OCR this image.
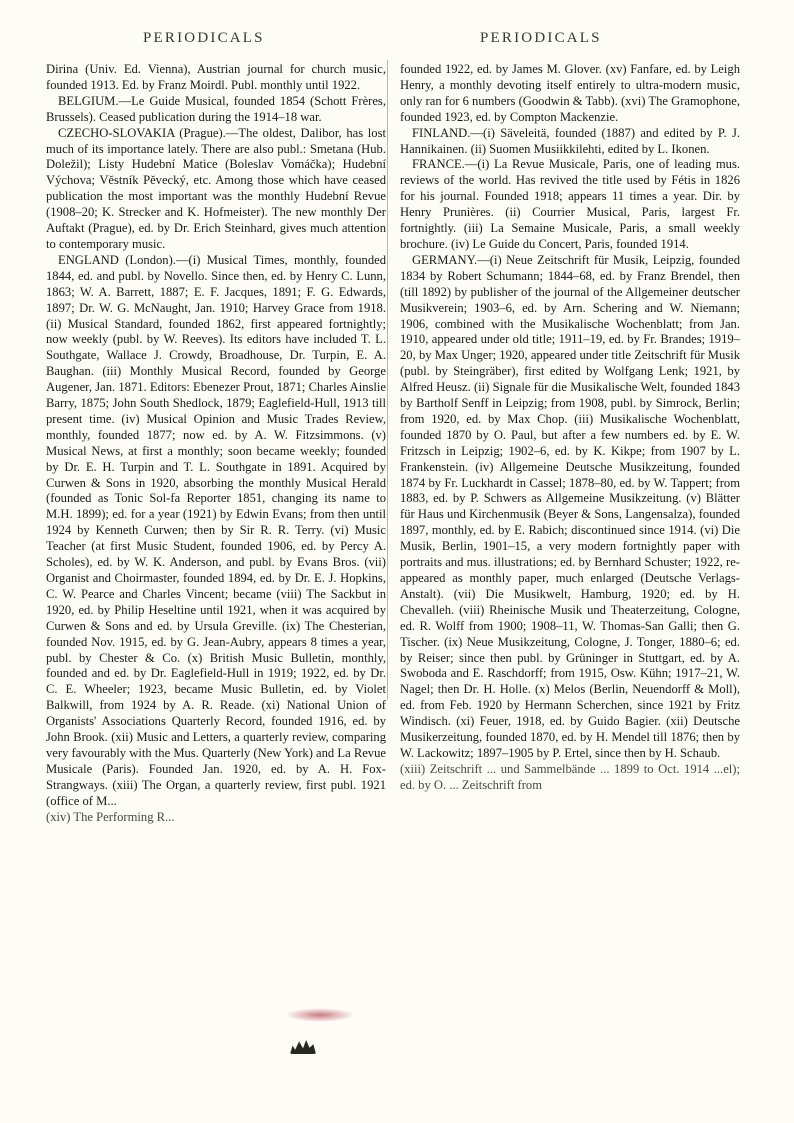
PERIODICALS	PERIODICALS

Dirina (Univ. Ed. Vienna), Austrian journal for church music, founded 1913. Ed. by Franz Moirdl. Publ. monthly until 1922.

BELGIUM.—Le Guide Musical, founded 1854 (Schott Frères, Brussels). Ceased publication during the 1914–18 war.

CZECHO-SLOVAKIA (Prague).—The oldest, Dalibor, has lost much of its importance lately. There are also publ.: Smetana (Hub. Doležil); Listy Hudební Matice (Boleslav Vomáčka); Hudební Výchova; Věstník Pěvecký, etc. Among those which have ceased publication the most important was the monthly Hudební Revue (1908–20; K. Strecker and K. Hofmeister). The new monthly Der Auftakt (Prague), ed. by Dr. Erich Steinhard, gives much attention to contemporary music.

ENGLAND (London).—(i) Musical Times, monthly, founded 1844, ed. and publ. by Novello. Since then, ed. by Henry C. Lunn, 1863; W. A. Barrett, 1887; E. F. Jacques, 1891; F. G. Edwards, 1897; Dr. W. G. McNaught, Jan. 1910; Harvey Grace from 1918. (ii) Musical Standard, founded 1862, first appeared fortnightly; now weekly (publ. by W. Reeves). Its editors have included T. L. Southgate, Wallace J. Crowdy, Broadhouse, Dr. Turpin, E. A. Baughan. (iii) Monthly Musical Record, founded by George Augener, Jan. 1871. Editors: Ebenezer Prout, 1871; Charles Ainslie Barry, 1875; John South Shedlock, 1879; Eaglefield-Hull, 1913 till present time. (iv) Musical Opinion and Music Trades Review, monthly, founded 1877; now ed. by A. W. Fitzsimmons. (v) Musical News, at first a monthly; soon became weekly; founded by Dr. E. H. Turpin and T. L. Southgate in 1891. Acquired by Curwen & Sons in 1920, absorbing the monthly Musical Herald (founded as Tonic Sol-fa Reporter 1851, changing its name to M.H. 1899); ed. for a year (1921) by Edwin Evans; from then until 1924 by Kenneth Curwen; then by Sir R. R. Terry. (vi) Music Teacher (at first Music Student, founded 1906, ed. by Percy A. Scholes), ed. by W. K. Anderson, and publ. by Evans Bros. (vii) Organist and Choirmaster, founded 1894, ed. by Dr. E. J. Hopkins, C. W. Pearce and Charles Vincent; became (viii) The Sackbut in 1920, ed. by Philip Heseltine until 1921, when it was acquired by Curwen & Sons and ed. by Ursula Greville. (ix) The Chesterian, founded Nov. 1915, ed. by G. Jean-Aubry, appears 8 times a year, publ. by Chester & Co. (x) British Music Bulletin, monthly, founded and ed. by Dr. Eaglefield-Hull in 1919; 1922, ed. by Dr. C. E. Wheeler; 1923, became Music Bulletin, ed. by Violet Balkwill, from 1924 by A. R. Reade. (xi) National Union of Organists' Associations Quarterly Record, founded 1916, ed. by John Brook. (xii) Music and Letters, a quarterly review, comparing very favourably with the Mus. Quarterly (New York) and La Revue Musicale (Paris). Founded Jan. 1920, ed. by A. H. Fox-Strangways. (xiii) The Organ, a quarterly review, first publ. 1921 (office of M...

(xiv) The Performing R...

founded 1922, ed. by James M. Glover. (xv) Fanfare, ed. by Leigh Henry, a monthly devoting itself entirely to ultra-modern music, only ran for 6 numbers (Goodwin & Tabb). (xvi) The Gramophone, founded 1923, ed. by Compton Mackenzie.

FINLAND.—(i) Säveleitä, founded (1887) and edited by P. J. Hannikainen. (ii) Suomen Musiikkilehti, edited by L. Ikonen.

FRANCE.—(i) La Revue Musicale, Paris, one of leading mus. reviews of the world. Has revived the title used by Fétis in 1826 for his journal. Founded 1918; appears 11 times a year. Dir. by Henry Prunières. (ii) Courrier Musical, Paris, largest Fr. fortnightly. (iii) La Semaine Musicale, Paris, a small weekly brochure. (iv) Le Guide du Concert, Paris, founded 1914.

GERMANY.—(i) Neue Zeitschrift für Musik, Leipzig, founded 1834 by Robert Schumann; 1844–68, ed. by Franz Brendel, then (till 1892) by publisher of the journal of the Allgemeiner deutscher Musikverein; 1903–6, ed. by Arn. Schering and W. Niemann; 1906, combined with the Musikalische Wochenblatt; from Jan. 1910, appeared under old title; 1911–19, ed. by Fr. Brandes; 1919–20, by Max Unger; 1920, appeared under title Zeitschrift für Musik (publ. by Steingräber), first edited by Wolfgang Lenk; 1921, by Alfred Heusz. (ii) Signale für die Musikalische Welt, founded 1843 by Bartholf Senff in Leipzig; from 1908, publ. by Simrock, Berlin; from 1920, ed. by Max Chop. (iii) Musikalische Wochenblatt, founded 1870 by O. Paul, but after a few numbers ed. by E. W. Fritzsch in Leipzig; 1902–6, ed. by K. Kikpe; from 1907 by L. Frankenstein. (iv) Allgemeine Deutsche Musikzeitung, founded 1874 by Fr. Luckhardt in Cassel; 1878–80, ed. by W. Tappert; from 1883, ed. by P. Schwers as Allgemeine Musikzeitung. (v) Blätter für Haus und Kirchenmusik (Beyer & Sons, Langensalza), founded 1897, monthly, ed. by E. Rabich; discontinued since 1914. (vi) Die Musik, Berlin, 1901–15, a very modern fortnightly paper with portraits and mus. illustrations; ed. by Bernhard Schuster; 1922, re-appeared as monthly paper, much enlarged (Deutsche Verlags-Anstalt). (vii) Die Musikwelt, Hamburg, 1920; ed. by H. Chevalleh. (viii) Rheinische Musik und Theaterzeitung, Cologne, ed. R. Wolff from 1900; 1908–11, W. Thomas-San Galli; then G. Tischer. (ix) Neue Musikzeitung, Cologne, J. Tonger, 1880–6; ed. by Reiser; since then publ. by Grüninger in Stuttgart, ed. by A. Swoboda and E. Raschdorff; from 1915, Osw. Kühn; 1917–21, W. Nagel; then Dr. H. Holle. (x) Melos (Berlin, Neuendorff & Moll), ed. from Feb. 1920 by Hermann Scherchen, since 1921 by Fritz Windisch. (xi) Feuer, 1918, ed. by Guido Bagier. (xii) Deutsche Musikerzeitung, founded 1870, ed. by H. Mendel till 1876; then by W. Lackowitz; 1897–1905 by P. Ertel, since then by H. Schaub.

(xiii) Zeitschrift ... und Sammelbände ... 1899 to Oct. 1914 ...el); ed. by O. ... Zeitschrift from
